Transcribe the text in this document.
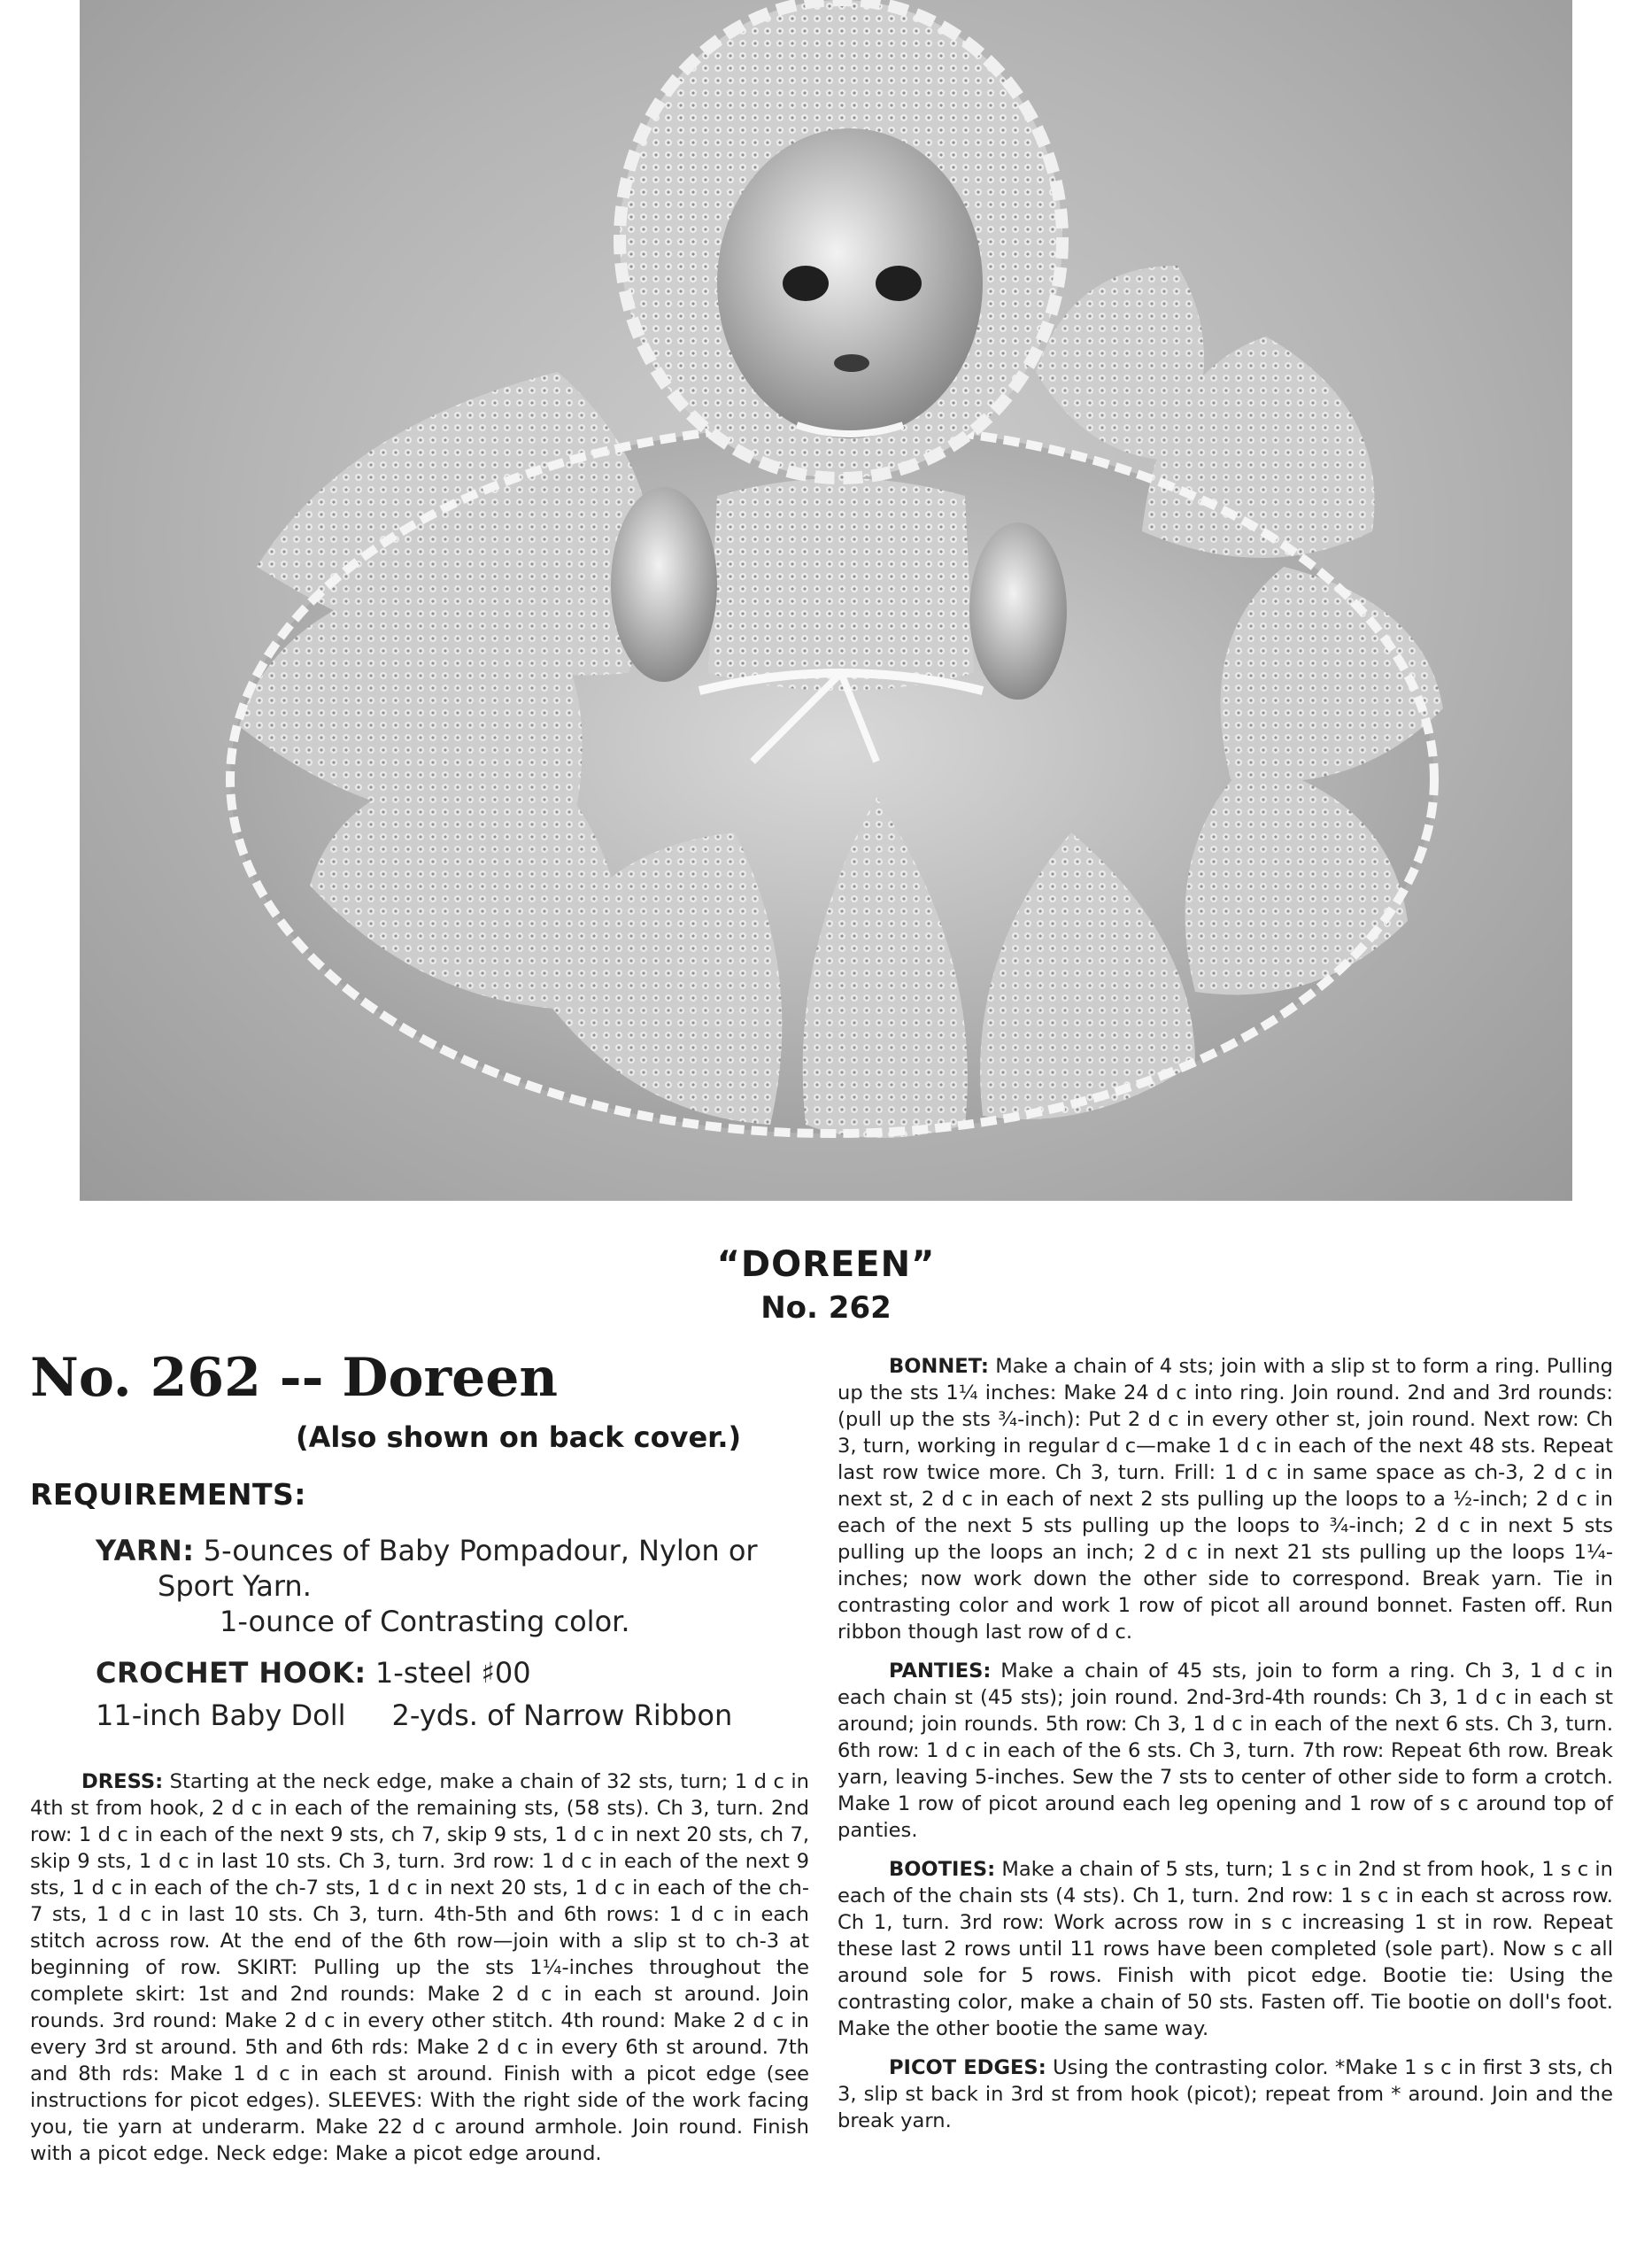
“DOREEN”
No. 262
No. 262 -- Doreen
(Also shown on back cover.)
REQUIREMENTS:
YARN: 5-ounces of Baby Pompadour, Nylon or
Sport Yarn.
1-ounce of Contrasting color.
CROCHET HOOK: 1-steel ♯00
11-inch Baby Doll 2-yds. of Narrow Ribbon

DRESS: Starting at the neck edge, make a chain of 32 sts, turn; 1 d c in 4th st from hook, 2 d c in each of the remaining sts, (58 sts). Ch 3, turn. 2nd row: 1 d c in each of the next 9 sts, ch 7, skip 9 sts, 1 d c in next 20 sts, ch 7, skip 9 sts, 1 d c in last 10 sts. Ch 3, turn. 3rd row: 1 d c in each of the next 9 sts, 1 d c in each of the ch-7 sts, 1 d c in next 20 sts, 1 d c in each of the ch-7 sts, 1 d c in last 10 sts. Ch 3, turn. 4th-5th and 6th rows: 1 d c in each stitch across row. At the end of the 6th row—join with a slip st to ch-3 at beginning of row. SKIRT: Pulling up the sts 1¼-inches throughout the complete skirt: 1st and 2nd rounds: Make 2 d c in each st around. Join rounds. 3rd round: Make 2 d c in every other stitch. 4th round: Make 2 d c in every 3rd st around. 5th and 6th rds: Make 2 d c in every 6th st around. 7th and 8th rds: Make 1 d c in each st around. Finish with a picot edge (see instructions for picot edges). SLEEVES: With the right side of the work facing you, tie yarn at underarm. Make 22 d c around armhole. Join round. Finish with a picot edge. Neck edge: Make a picot edge around.

BONNET: Make a chain of 4 sts; join with a slip st to form a ring. Pulling up the sts 1¼ inches: Make 24 d c into ring. Join round. 2nd and 3rd rounds: (pull up the sts ¾-inch): Put 2 d c in every other st, join round. Next row: Ch 3, turn, working in regular d c—make 1 d c in each of the next 48 sts. Repeat last row twice more. Ch 3, turn. Frill: 1 d c in same space as ch-3, 2 d c in next st, 2 d c in each of next 2 sts pulling up the loops to a ½-inch; 2 d c in each of the next 5 sts pulling up the loops to ¾-inch; 2 d c in next 5 sts pulling up the loops an inch; 2 d c in next 21 sts pulling up the loops 1¼-inches; now work down the other side to correspond. Break yarn. Tie in contrasting color and work 1 row of picot all around bonnet. Fasten off. Run ribbon though last row of d c.

PANTIES: Make a chain of 45 sts, join to form a ring. Ch 3, 1 d c in each chain st (45 sts); join round. 2nd-3rd-4th rounds: Ch 3, 1 d c in each st around; join rounds. 5th row: Ch 3, 1 d c in each of the next 6 sts. Ch 3, turn. 6th row: 1 d c in each of the 6 sts. Ch 3, turn. 7th row: Repeat 6th row. Break yarn, leaving 5-inches. Sew the 7 sts to center of other side to form a crotch. Make 1 row of picot around each leg opening and 1 row of s c around top of panties.

BOOTIES: Make a chain of 5 sts, turn; 1 s c in 2nd st from hook, 1 s c in each of the chain sts (4 sts). Ch 1, turn. 2nd row: 1 s c in each st across row. Ch 1, turn. 3rd row: Work across row in s c increasing 1 st in row. Repeat these last 2 rows until 11 rows have been completed (sole part). Now s c all around sole for 5 rows. Finish with picot edge. Bootie tie: Using the contrasting color, make a chain of 50 sts. Fasten off. Tie bootie on doll's foot. Make the other bootie the same way.

PICOT EDGES: Using the contrasting color. *Make 1 s c in first 3 sts, ch 3, slip st back in 3rd st from hook (picot); repeat from * around. Join and the break yarn.
